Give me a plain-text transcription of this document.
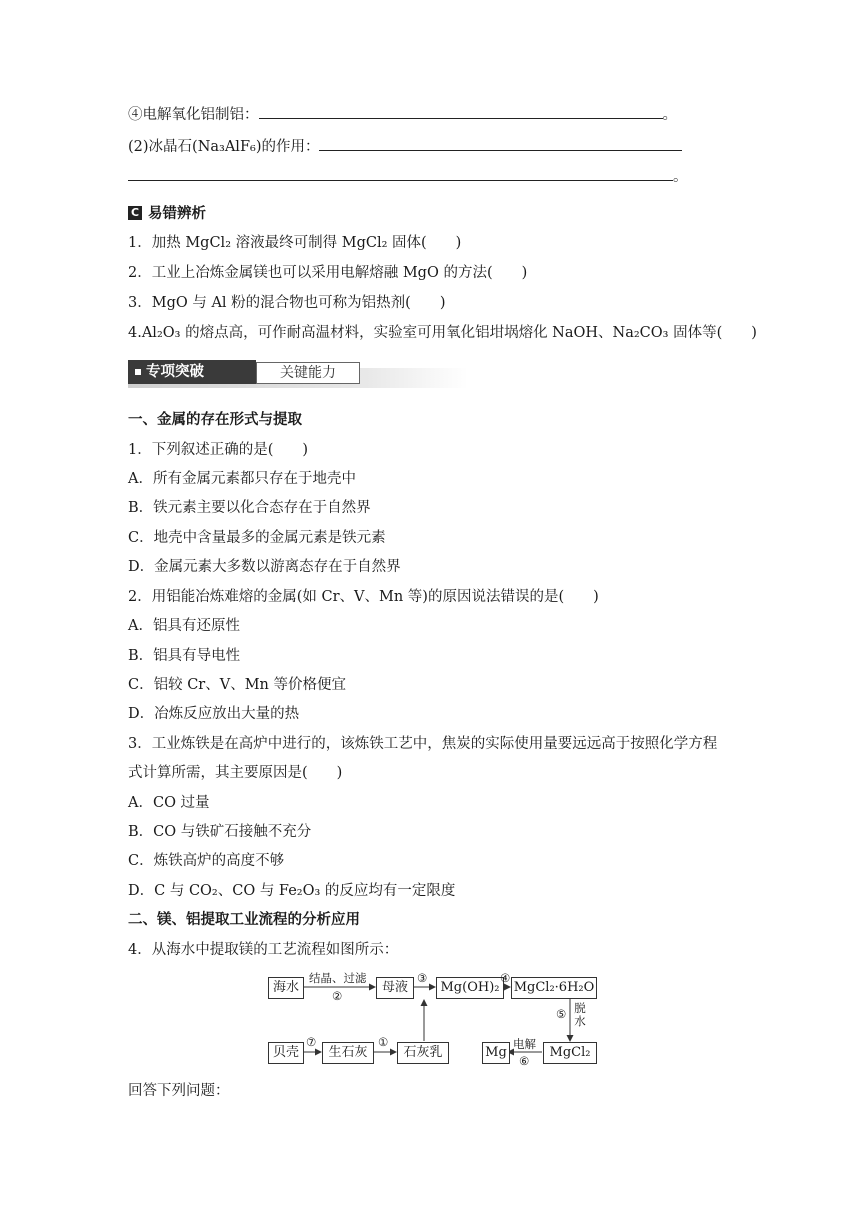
④电解氧化铝制铝：	。
(2)冰晶石(Na₃AlF₆)的作用：
。
C 易错辨析
1．加热 MgCl₂ 溶液最终可制得 MgCl₂ 固体(　　)
2．工业上冶炼金属镁也可以采用电解熔融 MgO 的方法(　　)
3．MgO 与 Al 粉的混合物也可称为铝热剂(　　)
4.Al₂O₃ 的熔点高，可作耐高温材料，实验室可用氧化铝坩埚熔化 NaOH、Na₂CO₃ 固体等(　　)
专项突破	关键能力
一、金属的存在形式与提取
1．下列叙述正确的是(　　)
A．所有金属元素都只存在于地壳中
B．铁元素主要以化合态存在于自然界
C．地壳中含量最多的金属元素是铁元素
D．金属元素大多数以游离态存在于自然界
2．用铝能冶炼难熔的金属(如 Cr、V、Mn 等)的原因说法错误的是(　　)
A．铝具有还原性
B．铝具有导电性
C．铝较 Cr、V、Mn 等价格便宜
D．冶炼反应放出大量的热
3．工业炼铁是在高炉中进行的，该炼铁工艺中，焦炭的实际使用量要远远高于按照化学方程
式计算所需，其主要原因是(　　)
A．CO 过量
B．CO 与铁矿石接触不充分
C．炼铁高炉的高度不够
D．C 与 CO₂、CO 与 Fe₂O₃ 的反应均有一定限度
二、镁、铝提取工业流程的分析应用
4．从海水中提取镁的工艺流程如图所示：
海水	母液	Mg(OH)₂	MgCl₂·6H₂O
贝壳	生石灰	石灰乳	Mg	MgCl₂
结晶、过滤
②
③	④
⑤ 脱水
⑦	①	电解
⑥
回答下列问题：
